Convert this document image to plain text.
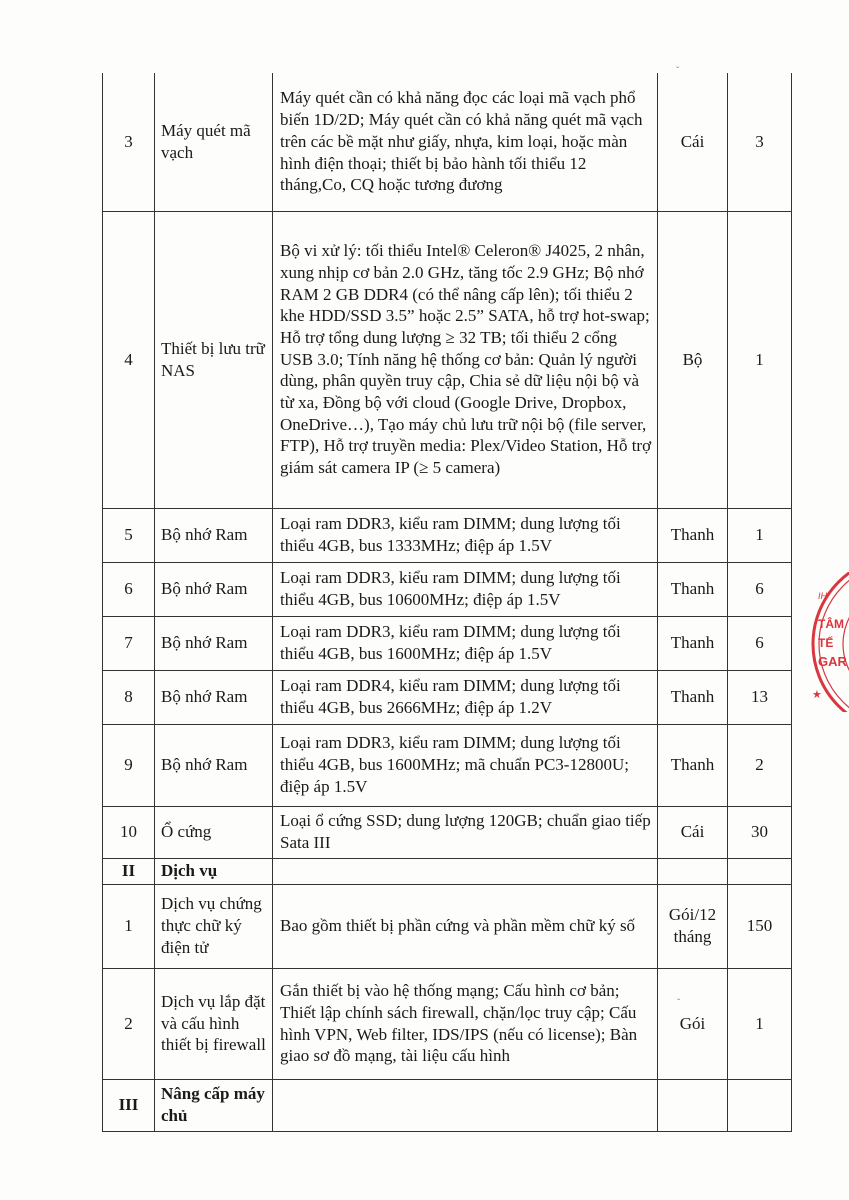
3	Máy quét mã vạch	Máy quét cần có khả năng đọc các loại mã vạch phổ biến 1D/2D; Máy quét cần có khả năng quét mã vạch trên các bề mặt như giấy, nhựa, kim loại, hoặc màn hình điện thoại; thiết bị bảo hành tối thiểu 12 tháng,Co, CQ hoặc tương đương	Cái	3
4	Thiết bị lưu trữ NAS	Bộ vi xử lý: tối thiểu Intel® Celeron® J4025, 2 nhân, xung nhịp cơ bản 2.0 GHz, tăng tốc 2.9 GHz; Bộ nhớ RAM 2 GB DDR4 (có thể nâng cấp lên); tối thiểu 2 khe HDD/SSD 3.5” hoặc 2.5” SATA, hỗ trợ hot-swap; Hỗ trợ tổng dung lượng ≥ 32 TB; tối thiểu 2 cổng USB 3.0; Tính năng hệ thống cơ bản: Quản lý người dùng, phân quyền truy cập, Chia sẻ dữ liệu nội bộ và từ xa, Đồng bộ với cloud (Google Drive, Dropbox, OneDrive…), Tạo máy chủ lưu trữ nội bộ (file server, FTP), Hỗ trợ truyền media: Plex/Video Station, Hỗ trợ giám sát camera IP (≥ 5 camera)	Bộ	1
5	Bộ nhớ Ram	Loại ram DDR3, kiểu ram DIMM; dung lượng tối thiểu 4GB, bus 1333MHz; điệp áp 1.5V	Thanh	1
6	Bộ nhớ Ram	Loại ram DDR3, kiểu ram DIMM; dung lượng tối thiểu 4GB, bus 10600MHz; điệp áp 1.5V	Thanh	6
7	Bộ nhớ Ram	Loại ram DDR3, kiểu ram DIMM; dung lượng tối thiểu 4GB, bus 1600MHz; điệp áp 1.5V	Thanh	6
8	Bộ nhớ Ram	Loại ram DDR4, kiểu ram DIMM; dung lượng tối thiểu 4GB, bus 2666MHz; điệp áp 1.2V	Thanh	13
9	Bộ nhớ Ram	Loại ram DDR3, kiểu ram DIMM; dung lượng tối thiểu 4GB, bus 1600MHz; mã chuẩn PC3-12800U; điệp áp 1.5V	Thanh	2
10	Ổ cứng	Loại ổ cứng SSD; dung lượng 120GB; chuẩn giao tiếp Sata III	Cái	30
II	Dịch vụ			
1	Dịch vụ chứng thực chữ ký điện tử	Bao gồm thiết bị phần cứng và phần mềm chữ ký số	Gói/12 tháng	150
2	Dịch vụ lắp đặt và cấu hình thiết bị firewall	Gắn thiết bị vào hệ thống mạng; Cấu hình cơ bản; Thiết lập chính sách firewall, chặn/lọc truy cập; Cấu hình VPN, Web filter, IDS/IPS (nếu có license); Bàn giao sơ đồ mạng, tài liệu cấu hình	Gói	1
III	Nâng cấp máy chủ			
IH
TÂM
TẾ
GAR
★
ˇ
ˇ
